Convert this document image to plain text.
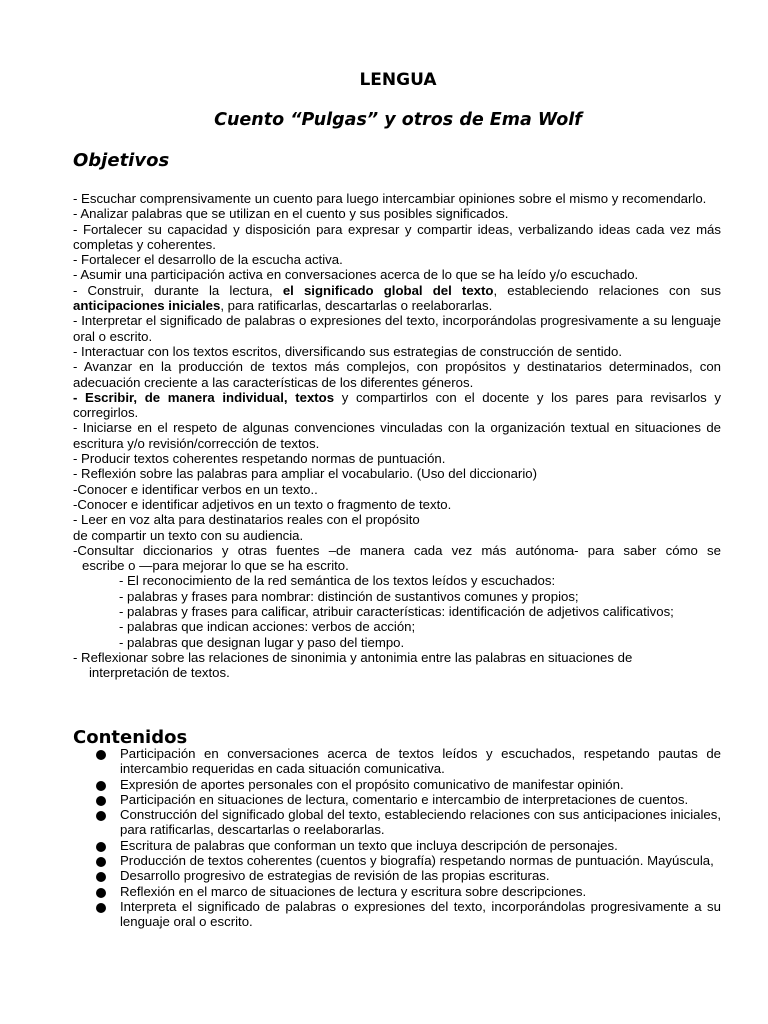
LENGUA
Cuento “Pulgas” y otros de Ema Wolf
Objetivos

- Escuchar comprensivamente un cuento para luego intercambiar opiniones sobre el mismo y recomendarlo.

- Analizar palabras que se utilizan en el cuento y sus posibles significados.

- Fortalecer su capacidad y disposición para expresar y compartir ideas, verbalizando ideas cada vez más completas y coherentes.

- Fortalecer el desarrollo de la escucha activa.

- Asumir una participación activa en conversaciones acerca de lo que se ha leído y/o escuchado.

- Construir, durante la lectura, el significado global del texto, estableciendo relaciones con sus anticipaciones iniciales, para ratificarlas, descartarlas o reelaborarlas.

- Interpretar el significado de palabras o expresiones del texto, incorporándolas progresivamente a su lenguaje oral o escrito.

- Interactuar con los textos escritos, diversificando sus estrategias de construcción de sentido.

- Avanzar en la producción de textos más complejos, con propósitos y destinatarios determinados, con adecuación creciente a las características de los diferentes géneros.

- Escribir, de manera individual, textos y compartirlos con el docente y los pares para revisarlos y corregirlos.

- Iniciarse en el respeto de algunas convenciones vinculadas con la organización textual en situaciones de escritura y/o revisión/corrección de textos.

- Producir textos coherentes respetando normas de puntuación.

- Reflexión sobre las palabras para ampliar el vocabulario. (Uso del diccionario)

-Conocer e identificar verbos en un texto..

-Conocer e identificar adjetivos en un texto o fragmento de texto.

- Leer en voz alta para destinatarios reales con el propósito

de compartir un texto con su audiencia.

-Consultar diccionarios y otras fuentes –de manera cada vez más autónoma- para saber cómo se

escribe o —para mejorar lo que se ha escrito.

- El reconocimiento de la red semántica de los textos leídos y escuchados:

- palabras y frases para nombrar: distinción de sustantivos comunes y propios;

- palabras y frases para calificar, atribuir características: identificación de adjetivos calificativos;

- palabras que indican acciones: verbos de acción;

- palabras que designan lugar y paso del tiempo.

- Reflexionar sobre las relaciones de sinonimia y antonimia entre las palabras en situaciones de

interpretación de textos.

Contenidos
Participación en conversaciones acerca de textos leídos y escuchados, respetando pautas de intercambio requeridas en cada situación comunicativa.
Expresión de aportes personales con el propósito comunicativo de manifestar opinión.
Participación en situaciones de lectura, comentario e intercambio de interpretaciones de cuentos.
Construcción del significado global del texto, estableciendo relaciones con sus anticipaciones iniciales, para ratificarlas, descartarlas o reelaborarlas.
Escritura de palabras que conforman un texto que incluya descripción de personajes.
Producción de textos coherentes (cuentos y biografía) respetando normas de puntuación. Mayúscula,
Desarrollo progresivo de estrategias de revisión de las propias escrituras.
Reflexión en el marco de situaciones de lectura y escritura sobre descripciones.
Interpreta el significado de palabras o expresiones del texto, incorporándolas progresivamente a su lenguaje oral o escrito.
